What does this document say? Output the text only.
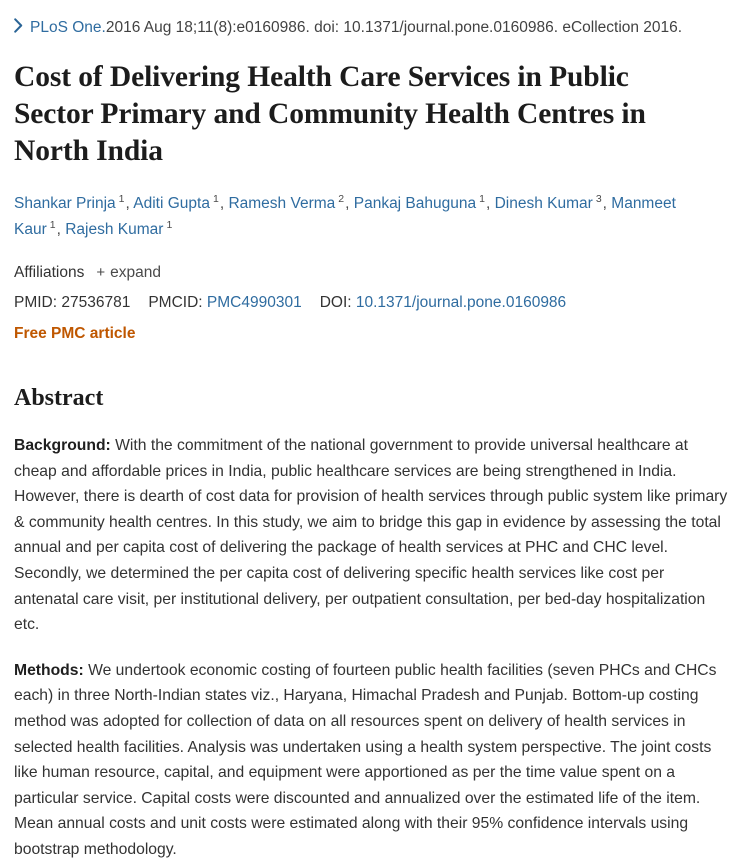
PLoS One. 2016 Aug 18;11(8):e0160986. doi: 10.1371/journal.pone.0160986. eCollection 2016.
Cost of Delivering Health Care Services in Public Sector Primary and Community Health Centres in North India
Shankar Prinja $^1$, Aditi Gupta $^1$, Ramesh Verma $^2$, Pankaj Bahuguna $^1$, Dinesh Kumar $^3$, Manmeet Kaur $^1$, Rajesh Kumar $^1$
Affiliations + expand
PMID: 27536781 PMCID: PMC4990301 DOI: 10.1371/journal.pone.0160986
Free PMC article
Abstract

Background: With the commitment of the national government to provide universal healthcare at cheap and affordable prices in India, public healthcare services are being strengthened in India. However, there is dearth of cost data for provision of health services through public system like primary & community health centres. In this study, we aim to bridge this gap in evidence by assessing the total annual and per capita cost of delivering the package of health services at PHC and CHC level. Secondly, we determined the per capita cost of delivering specific health services like cost per antenatal care visit, per institutional delivery, per outpatient consultation, per bed-day hospitalization etc.

Methods: We undertook economic costing of fourteen public health facilities (seven PHCs and CHCs each) in three North-Indian states viz., Haryana, Himachal Pradesh and Punjab. Bottom-up costing method was adopted for collection of data on all resources spent on delivery of health services in selected health facilities. Analysis was undertaken using a health system perspective. The joint costs like human resource, capital, and equipment were apportioned as per the time value spent on a particular service. Capital costs were discounted and annualized over the estimated life of the item. Mean annual costs and unit costs were estimated along with their 95% confidence intervals using bootstrap methodology.
